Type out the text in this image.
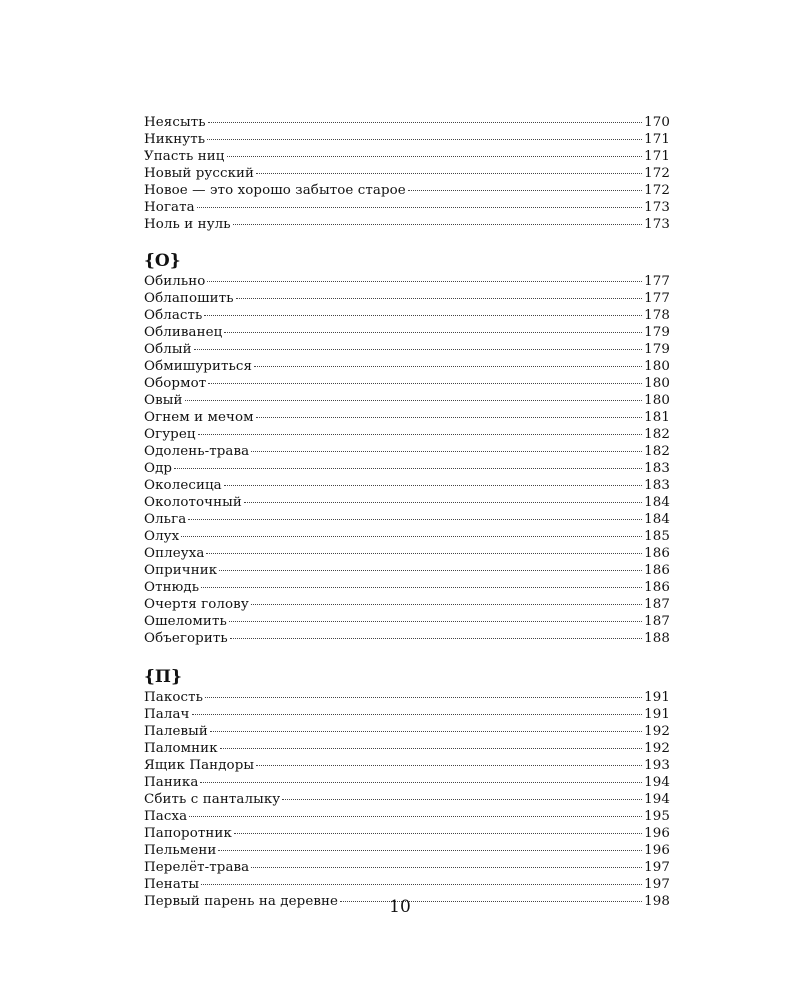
Неясыть	170
Никнуть	171
Упасть ниц	171
Новый русский	172
Новое — это хорошо забытое старое	172
Ногата	173
Ноль и нуль	173
{О}
Обильно	177
Облапошить	177
Область	178
Обливанец	179
Облый	179
Обмишуриться	180
Обормот	180
Овый	180
Огнем и мечом	181
Огурец	182
Одолень-трава	182
Одр	183
Околесица	183
Околоточный	184
Ольга	184
Олух	185
Оплеуха	186
Опричник	186
Отнюдь	186
Очертя голову	187
Ошеломить	187
Объегорить	188
{П}
Пакость	191
Палач	191
Палевый	192
Паломник	192
Ящик Пандоры	193
Паника	194
Сбить с панталыку	194
Пасха	195
Папоротник	196
Пельмени	196
Перелёт-трава	197
Пенаты	197
Первый парень на деревне	198
10
